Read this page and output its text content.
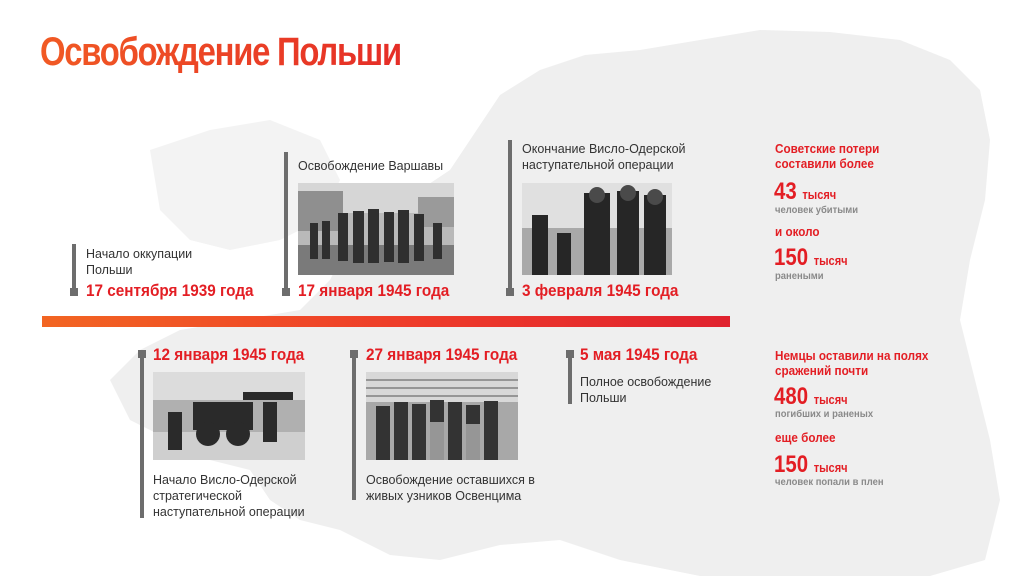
Освобождение Польши
Начало оккупации Польши
17 сентября 1939 года
Освобождение Варшавы
17 января 1945 года
Окончание Висло-Одерской наступательной операции
3 февраля 1945 года
12 января 1945 года
Начало Висло-Одерской стратегической наступательной операции
27 января 1945 года
Освобождение оставшихся в живых узников Освенцима
5 мая 1945 года
Полное освобождение Польши
Советские потери составили более
43 тысяч
человек убитыми
и около
150 тысяч
ранеными
Немцы оставили на полях сражений почти
480 тысяч
погибших и раненых
еще более
150 тысяч
человек попали в плен
